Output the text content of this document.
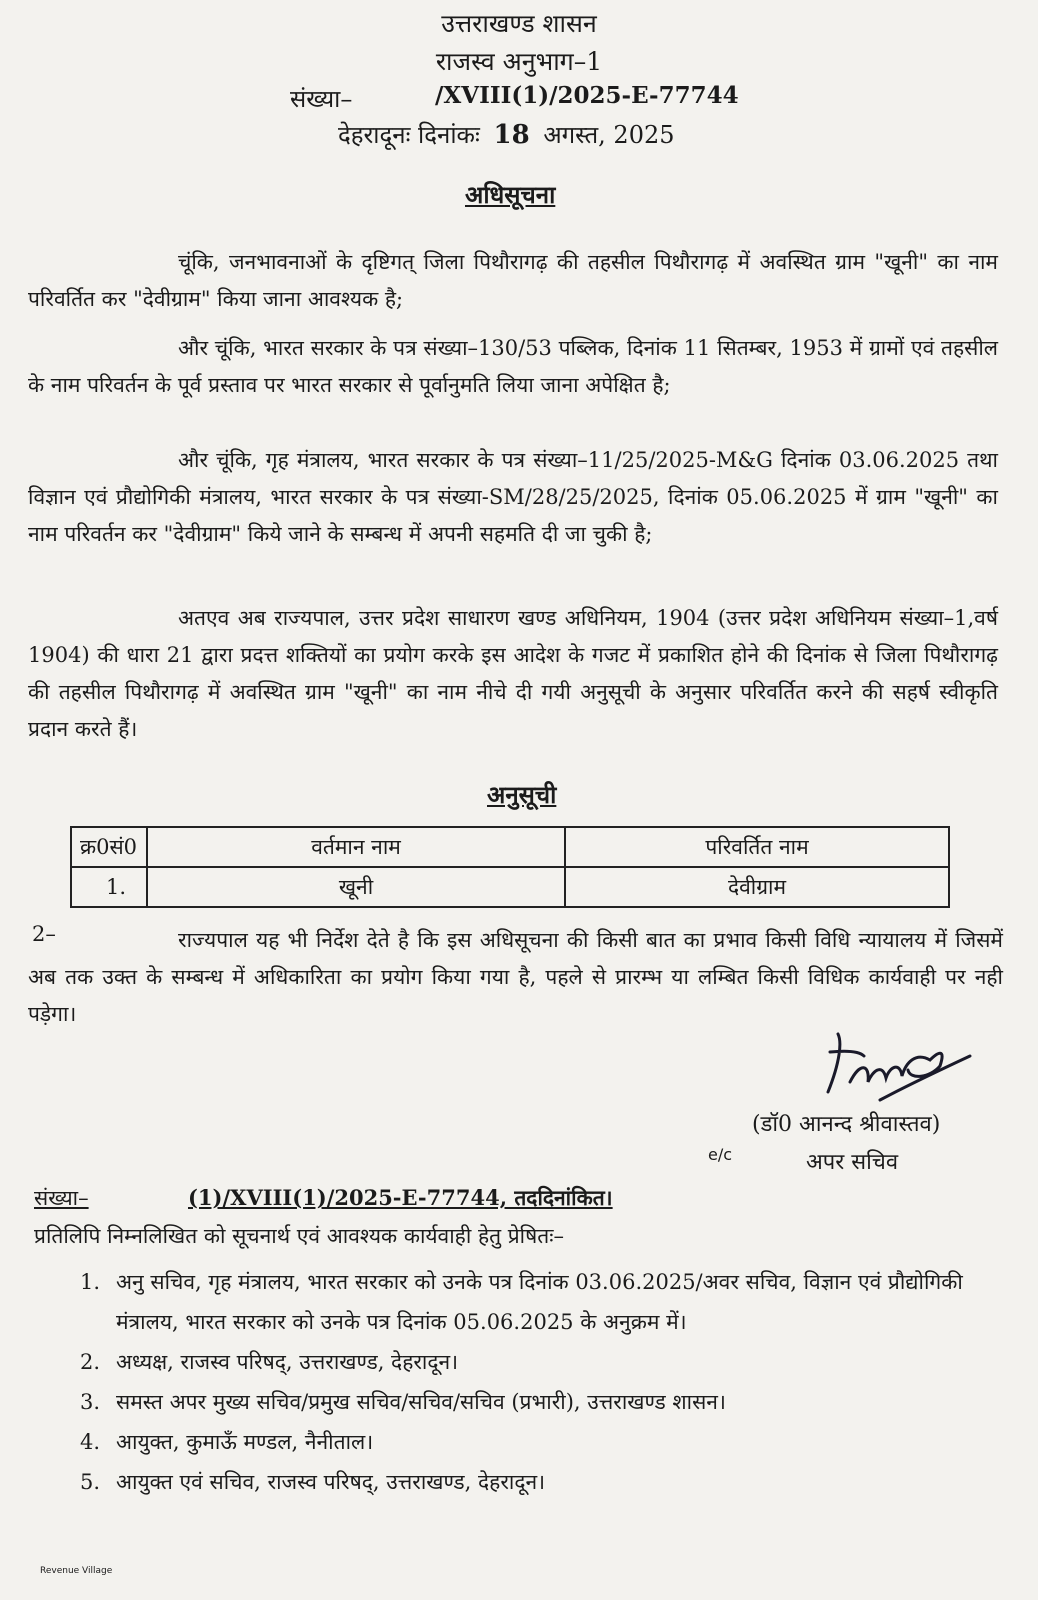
उत्तराखण्ड शासन
राजस्व अनुभाग–1
संख्या–	/XVIII(1)/2025-E-77744
देहरादूनः दिनांकः 18 अगस्त, 2025
अधिसूचना
चूंकि, जनभावनाओं के दृष्टिगत् जिला पिथौरागढ़ की तहसील पिथौरागढ़ में अवस्थित ग्राम "खूनी" का नाम परिवर्तित कर "देवीग्राम" किया जाना आवश्यक है;
और चूंकि, भारत सरकार के पत्र संख्या–130/53 पब्लिक, दिनांक 11 सितम्बर, 1953 में ग्रामों एवं तहसील के नाम परिवर्तन के पूर्व प्रस्ताव पर भारत सरकार से पूर्वानुमति लिया जाना अपेक्षित है;
और चूंकि, गृह मंत्रालय, भारत सरकार के पत्र संख्या–11/25/2025-M&G दिनांक 03.06.2025 तथा विज्ञान एवं प्रौद्योगिकी मंत्रालय, भारत सरकार के पत्र संख्या-SM/28/25/2025, दिनांक 05.06.2025 में ग्राम "खूनी" का नाम परिवर्तन कर "देवीग्राम" किये जाने के सम्बन्ध में अपनी सहमति दी जा चुकी है;
अतएव अब राज्यपाल, उत्तर प्रदेश साधारण खण्ड अधिनियम, 1904 (उत्तर प्रदेश अधिनियम संख्या–1,वर्ष 1904) की धारा 21 द्वारा प्रदत्त शक्तियों का प्रयोग करके इस आदेश के गजट में प्रकाशित होने की दिनांक से जिला पिथौरागढ़ की तहसील पिथौरागढ़ में अवस्थित ग्राम "खूनी" का नाम नीचे दी गयी अनुसूची के अनुसार परिवर्तित करने की सहर्ष स्वीकृति प्रदान करते हैं।
अनुसूची
क्र0सं0	वर्तमान नाम	परिवर्तित नाम
1.	खूनी	देवीग्राम
2–	राज्यपाल यह भी निर्देश देते है कि इस अधिसूचना की किसी बात का प्रभाव किसी विधि न्यायालय में जिसमें अब तक उक्त के सम्बन्ध में अधिकारिता का प्रयोग किया गया है, पहले से प्रारम्भ या लम्बित किसी विधिक कार्यवाही पर नही पड़ेगा।
(डॉ0 आनन्द श्रीवास्तव)
e/c	अपर सचिव
संख्या–	(1)/XVIII(1)/2025-E-77744, तददिनांकित।
प्रतिलिपि निम्नलिखित को सूचनार्थ एवं आवश्यक कार्यवाही हेतु प्रेषितः–
1. अनु सचिव, गृह मंत्रालय, भारत सरकार को उनके पत्र दिनांक 03.06.2025/अवर सचिव, विज्ञान एवं प्रौद्योगिकी मंत्रालय, भारत सरकार को उनके पत्र दिनांक 05.06.2025 के अनुक्रम में।
2. अध्यक्ष, राजस्व परिषद्, उत्तराखण्ड, देहरादून।
3. समस्त अपर मुख्य सचिव/प्रमुख सचिव/सचिव/सचिव (प्रभारी), उत्तराखण्ड शासन।
4. आयुक्त, कुमाऊँ मण्डल, नैनीताल।
5. आयुक्त एवं सचिव, राजस्व परिषद्, उत्तराखण्ड, देहरादून।
Revenue Village
